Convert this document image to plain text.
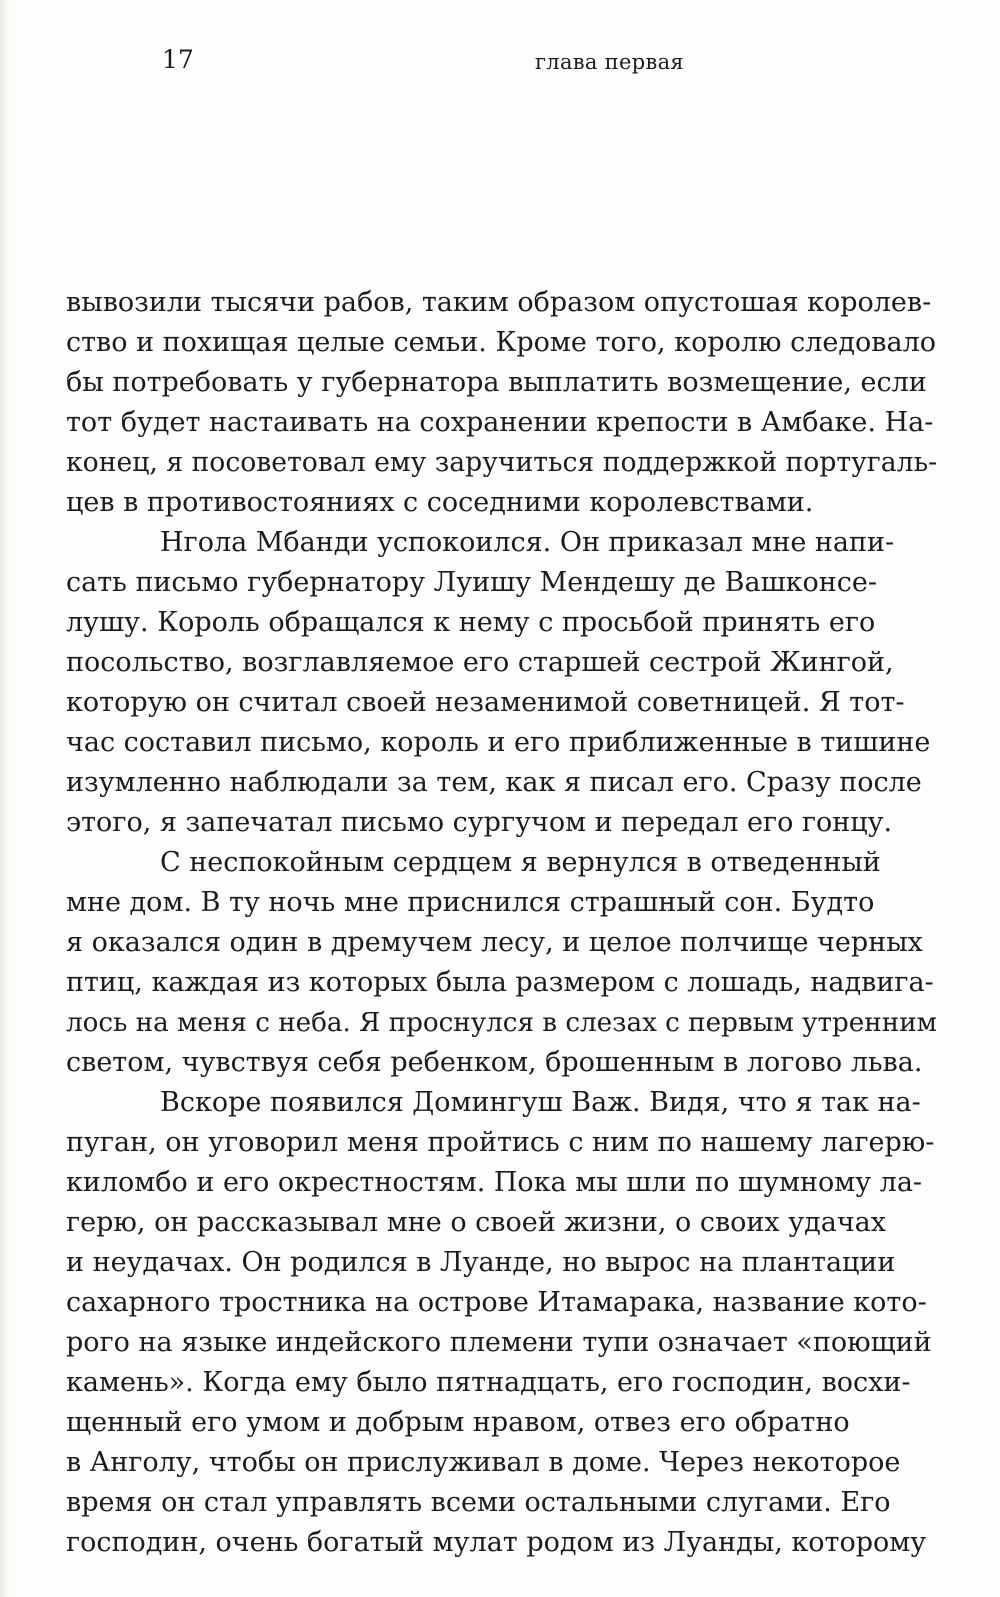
17	глава первая
вывозили тысячи рабов, таким образом опустошая королев-
ство и похищая целые семьи. Кроме того, королю следовало
бы потребовать у губернатора выплатить возмещение, если
тот будет настаивать на сохранении крепости в Амбаке. На-
конец, я посоветовал ему заручиться поддержкой португаль-
цев в противостояниях с соседними королевствами.
Нгола Мбанди успокоился. Он приказал мне напи-
сать письмо губернатору Луишу Мендешу де Вашконсе-
лушу. Король обращался к нему с просьбой принять его
посольство, возглавляемое его старшей сестрой Жингой,
которую он считал своей незаменимой советницей. Я тот-
час составил письмо, король и его приближенные в тишине
изумленно наблюдали за тем, как я писал его. Сразу после
этого, я запечатал письмо сургучом и передал его гонцу.
С неспокойным сердцем я вернулся в отведенный
мне дом. В ту ночь мне приснился страшный сон. Будто
я оказался один в дремучем лесу, и целое полчище черных
птиц, каждая из которых была размером с лошадь, надвига-
лось на меня с неба. Я проснулся в слезах с первым утренним
светом, чувствуя себя ребенком, брошенным в логово льва.
Вскоре появился Домингуш Важ. Видя, что я так на-
пуган, он уговорил меня пройтись с ним по нашему лагерю-
киломбо и его окрестностям. Пока мы шли по шумному ла-
герю, он рассказывал мне о своей жизни, о своих удачах
и неудачах. Он родился в Луанде, но вырос на плантации
сахарного тростника на острове Итамарака, название кото-
рого на языке индейского племени тупи означает «поющий
камень». Когда ему было пятнадцать, его господин, восхи-
щенный его умом и добрым нравом, отвез его обратно
в Анголу, чтобы он прислуживал в доме. Через некоторое
время он стал управлять всеми остальными слугами. Его
господин, очень богатый мулат родом из Луанды, которому
